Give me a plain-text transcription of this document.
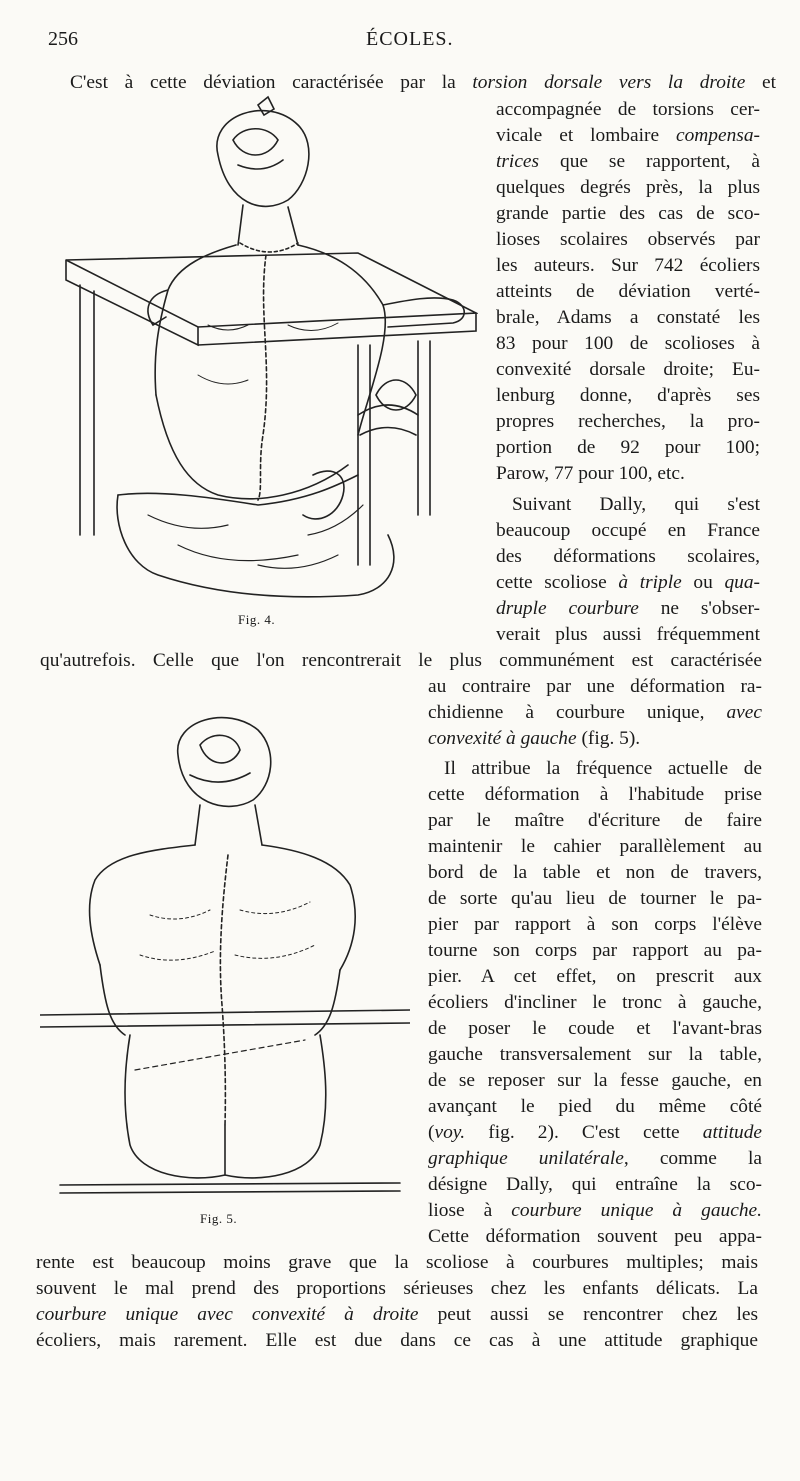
256	ÉCOLES.
Fig. 4.
Fig. 5.
C'est à cette déviation caractérisée par la torsion dorsale vers la droite et
accompagnée de torsions cer-
vicale et lombaire compensa-
trices que se rapportent, à
quelques degrés près, la plus
grande partie des cas de sco-
lioses scolaires observés par
les auteurs. Sur 742 écoliers
atteints de déviation verté-
brale, Adams a constaté les
83 pour 100 de scolioses à
convexité dorsale droite; Eu-
lenburg donne, d'après ses
propres recherches, la pro-
portion de 92 pour 100;
Parow, 77 pour 100, etc.
Suivant Dally, qui s'est
beaucoup occupé en France
des déformations scolaires,
cette scoliose à triple ou qua-
druple courbure ne s'obser-
verait plus aussi fréquemment
qu'autrefois. Celle que l'on rencontrerait le plus communément est caractérisée
au contraire par une déformation ra-
chidienne à courbure unique, avec
convexité à gauche (fig. 5).
Il attribue la fréquence actuelle de
cette déformation à l'habitude prise
par le maître d'écriture de faire
maintenir le cahier parallèlement au
bord de la table et non de travers,
de sorte qu'au lieu de tourner le pa-
pier par rapport à son corps l'élève
tourne son corps par rapport au pa-
pier. A cet effet, on prescrit aux
écoliers d'incliner le tronc à gauche,
de poser le coude et l'avant-bras
gauche transversalement sur la table,
de se reposer sur la fesse gauche, en
avançant le pied du même côté
(voy. fig. 2). C'est cette attitude
graphique unilatérale, comme la
désigne Dally, qui entraîne la sco-
liose à courbure unique à gauche.
Cette déformation souvent peu appa-
rente est beaucoup moins grave que la scoliose à courbures multiples; mais
souvent le mal prend des proportions sérieuses chez les enfants délicats. La
courbure unique avec convexité à droite peut aussi se rencontrer chez les
écoliers, mais rarement. Elle est due dans ce cas à une attitude graphique
